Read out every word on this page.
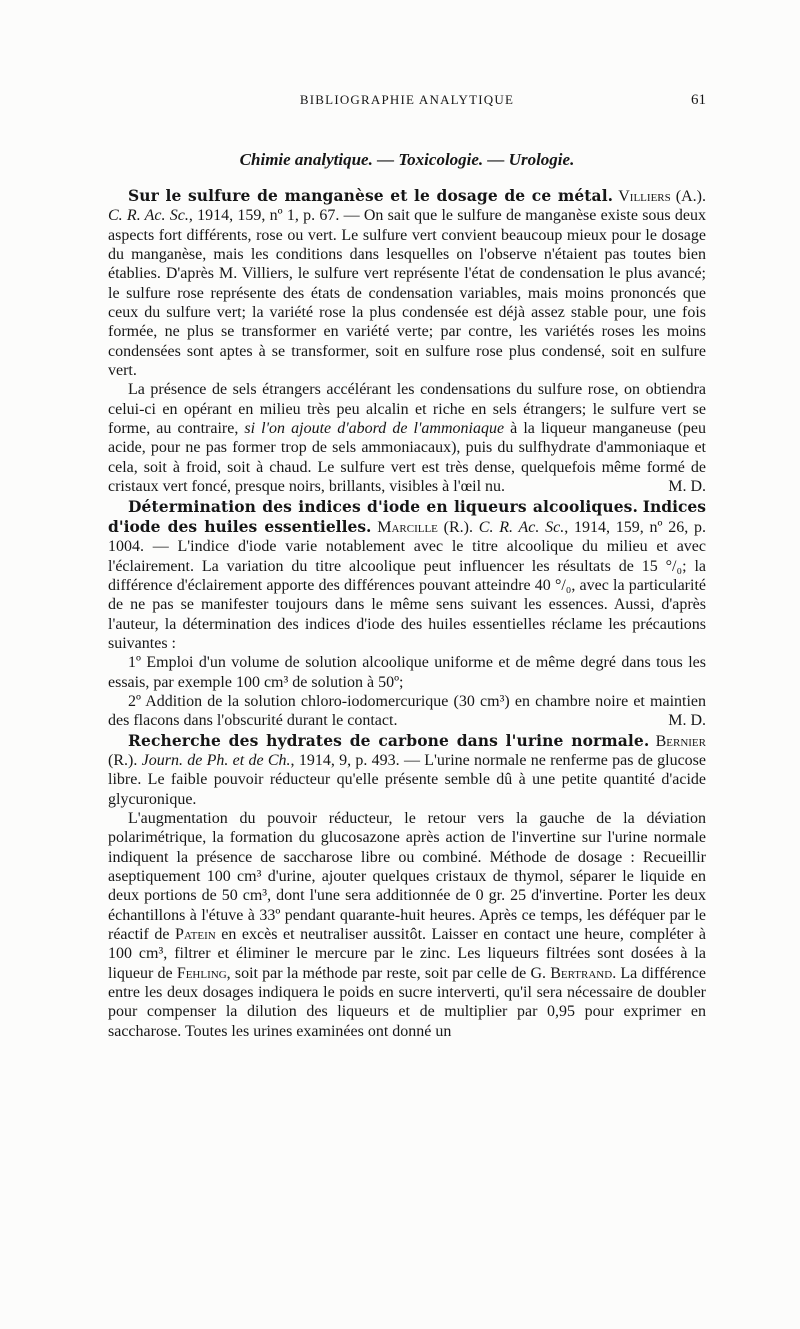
BIBLIOGRAPHIE ANALYTIQUE	61
Chimie analytique. — Toxicologie. — Urologie.

Sur le sulfure de manganèse et le dosage de ce métal. Villiers (A.). C. R. Ac. Sc., 1914, 159, nº 1, p. 67. — On sait que le sulfure de manganèse existe sous deux aspects fort différents, rose ou vert. Le sulfure vert convient beaucoup mieux pour le dosage du manganèse, mais les conditions dans lesquelles on l'observe n'étaient pas toutes bien établies. D'après M. Villiers, le sulfure vert représente l'état de condensation le plus avancé; le sulfure rose représente des états de condensation variables, mais moins prononcés que ceux du sulfure vert; la variété rose la plus condensée est déjà assez stable pour, une fois formée, ne plus se transformer en variété verte; par contre, les variétés roses les moins condensées sont aptes à se transformer, soit en sulfure rose plus condensé, soit en sulfure vert.

La présence de sels étrangers accélérant les condensations du sulfure rose, on obtiendra celui-ci en opérant en milieu très peu alcalin et riche en sels étrangers; le sulfure vert se forme, au contraire, si l'on ajoute d'abord de l'ammoniaque à la liqueur manganeuse (peu acide, pour ne pas former trop de sels ammoniacaux), puis du sulfhydrate d'ammoniaque et cela, soit à froid, soit à chaud. Le sulfure vert est très dense, quelquefois même formé de cristaux vert foncé, presque noirs, brillants, visibles à l'œil nu.	M. D.

Détermination des indices d'iode en liqueurs alcooliques. Indices d'iode des huiles essentielles. Marcille (R.). C. R. Ac. Sc., 1914, 159, nº 26, p. 1004. — L'indice d'iode varie notablement avec le titre alcoolique du milieu et avec l'éclairement. La variation du titre alcoolique peut influencer les résultats de 15 °/₀; la différence d'éclairement apporte des différences pouvant atteindre 40 °/₀, avec la particularité de ne pas se manifester toujours dans le même sens suivant les essences. Aussi, d'après l'auteur, la détermination des indices d'iode des huiles essentielles réclame les précautions suivantes :

1º Emploi d'un volume de solution alcoolique uniforme et de même degré dans tous les essais, par exemple 100 cm³ de solution à 50º;

2º Addition de la solution chloro-iodomercurique (30 cm³) en chambre noire et maintien des flacons dans l'obscurité durant le contact.	M. D.

Recherche des hydrates de carbone dans l'urine normale. Bernier (R.). Journ. de Ph. et de Ch., 1914, 9, p. 493. — L'urine normale ne renferme pas de glucose libre. Le faible pouvoir réducteur qu'elle présente semble dû à une petite quantité d'acide glycuronique.

L'augmentation du pouvoir réducteur, le retour vers la gauche de la déviation polarimétrique, la formation du glucosazone après action de l'invertine sur l'urine normale indiquent la présence de saccharose libre ou combiné. Méthode de dosage : Recueillir aseptiquement 100 cm³ d'urine, ajouter quelques cristaux de thymol, séparer le liquide en deux portions de 50 cm³, dont l'une sera additionnée de 0 gr. 25 d'invertine. Porter les deux échantillons à l'étuve à 33º pendant quarante-huit heures. Après ce temps, les déféquer par le réactif de Patein en excès et neutraliser aussitôt. Laisser en contact une heure, compléter à 100 cm³, filtrer et éliminer le mercure par le zinc. Les liqueurs filtrées sont dosées à la liqueur de Fehling, soit par la méthode par reste, soit par celle de G. Bertrand. La différence entre les deux dosages indiquera le poids en sucre interverti, qu'il sera nécessaire de doubler pour compenser la dilution des liqueurs et de multiplier par 0,95 pour exprimer en saccharose. Toutes les urines examinées ont donné un
